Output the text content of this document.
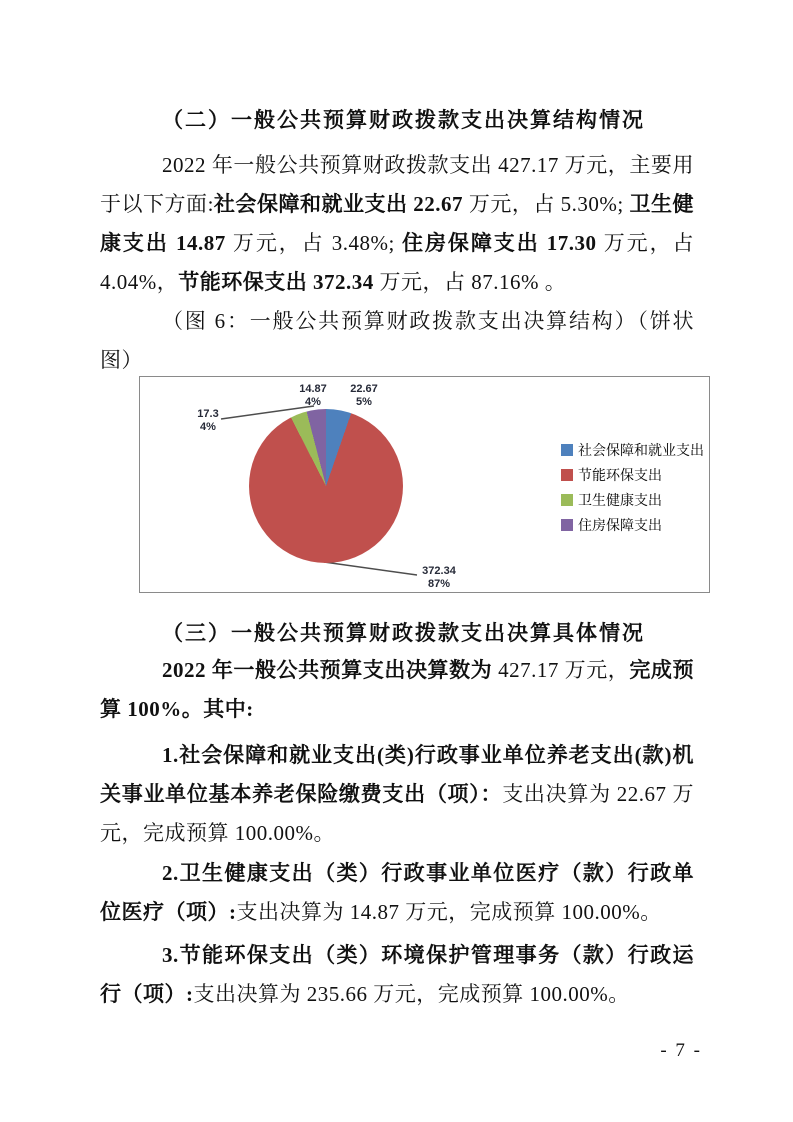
（二）一般公共预算财政拨款支出决算结构情况

2022 年一般公共预算财政拨款支出 427.17 万元，主要用于以下方面:社会保障和就业支出 22.67 万元，占 5.30%; 卫生健康支出 14.87 万元，占 3.48%; 住房保障支出 17.30 万元，占 4.04%，节能环保支出 372.34 万元，占 87.16% 。

（图 6：一般公共预算财政拨款支出决算结构）（饼状图）

14.87
4%
22.67
5%
17.3
4%
372.34
87%
社会保障和就业支出
节能环保支出
卫生健康支出
住房保障支出

（三）一般公共预算财政拨款支出决算具体情况

2022 年一般公共预算支出决算数为 427.17 万元，完成预算 100%。其中:

1.社会保障和就业支出(类)行政事业单位养老支出(款)机关事业单位基本养老保险缴费支出（项）：支出决算为 22.67 万元，完成预算 100.00%。

2.卫生健康支出（类）行政事业单位医疗（款）行政单位医疗（项）:支出决算为 14.87 万元，完成预算 100.00%。

3.节能环保支出（类）环境保护管理事务（款）行政运行（项）:支出决算为 235.66 万元，完成预算 100.00%。

- 7 -
